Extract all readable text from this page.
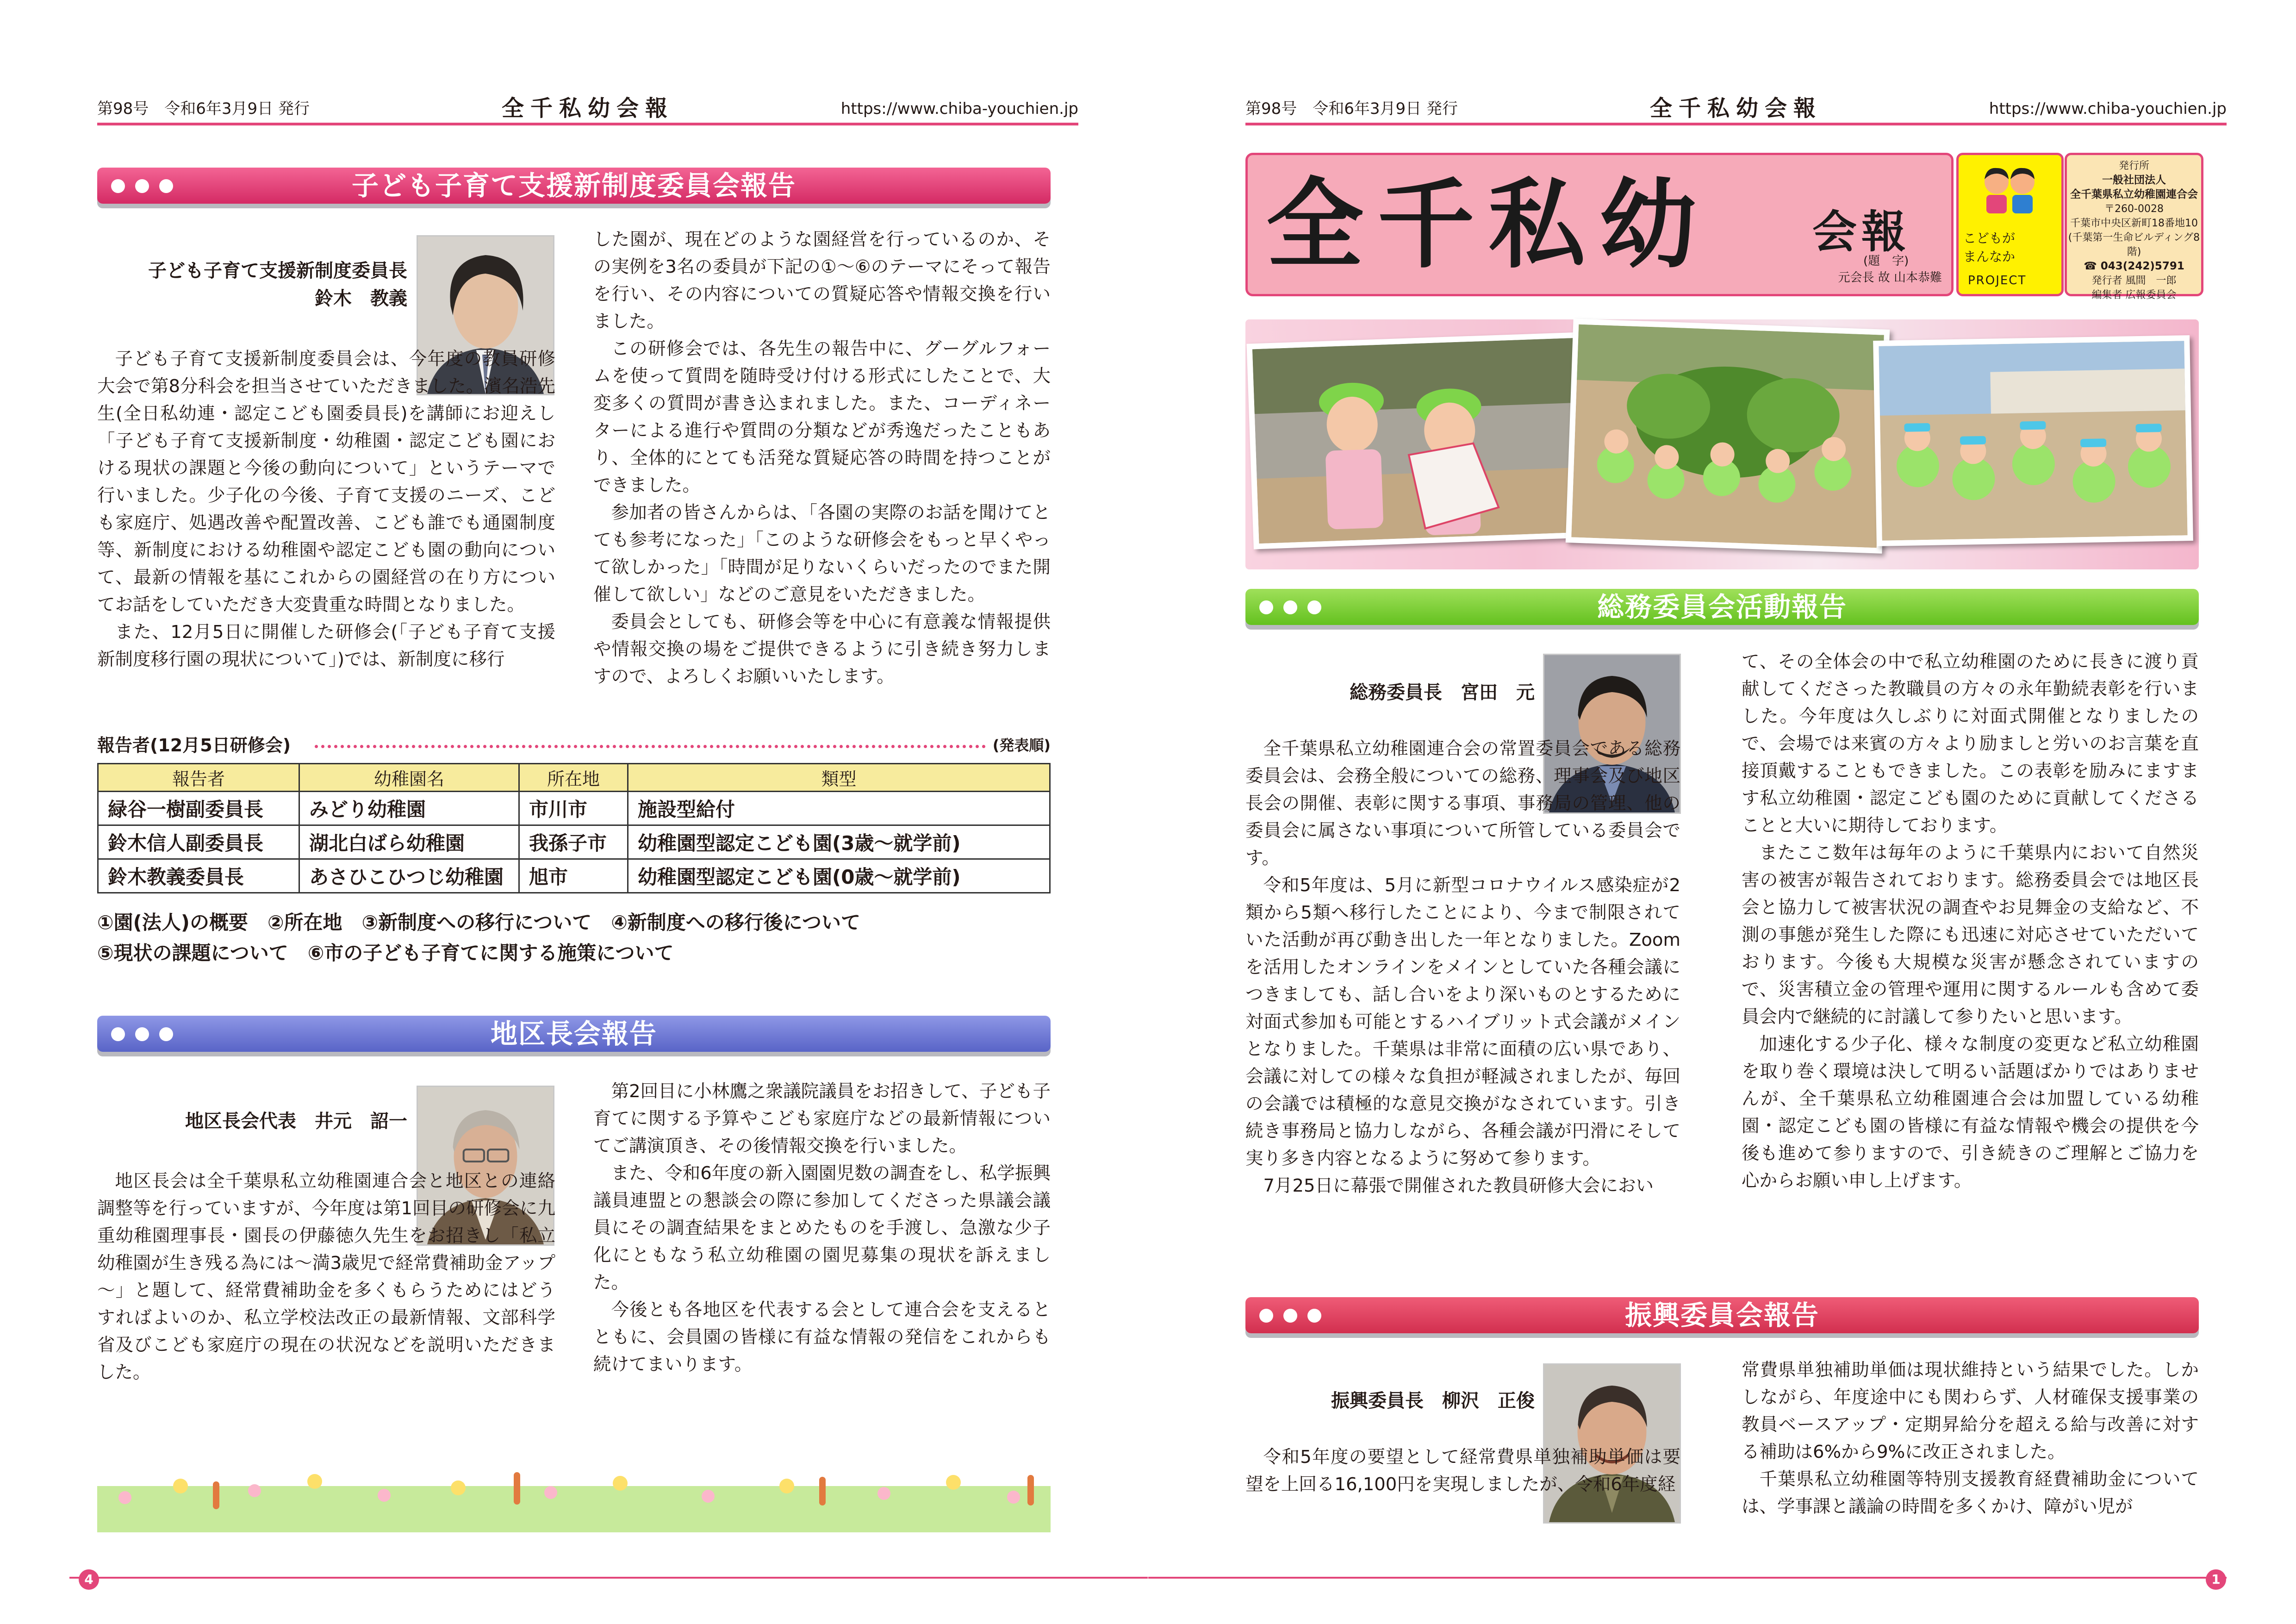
第98号　令和6年3月9日 発行	全千私幼会報	https://www.chiba-youchien.jp
子ども子育て支援新制度委員会報告
子ども子育て支援新制度委員長
鈴木　教義

子ども子育て支援新制度委員会は、今年度の教員研修大会で第8分科会を担当させていただきました。濱名浩先生(全日私幼連・認定こども園委員長)を講師にお迎えし「子ども子育て支援新制度・幼稚園・認定こども園における現状の課題と今後の動向について」というテーマで行いました。少子化の今後、子育て支援のニーズ、こども家庭庁、処遇改善や配置改善、こども誰でも通園制度等、新制度における幼稚園や認定こども園の動向について、最新の情報を基にこれからの園経営の在り方についてお話をしていただき大変貴重な時間となりました。

また、12月5日に開催した研修会(「子ども子育て支援新制度移行園の現状について」)では、新制度に移行

した園が、現在どのような園経営を行っているのか、その実例を3名の委員が下記の①～⑥のテーマにそって報告を行い、その内容についての質疑応答や情報交換を行いました。

この研修会では、各先生の報告中に、グーグルフォームを使って質問を随時受け付ける形式にしたことで、大変多くの質問が書き込まれました。また、コーディネーターによる進行や質問の分類などが秀逸だったこともあり、全体的にとても活発な質疑応答の時間を持つことができました。

参加者の皆さんからは、「各園の実際のお話を聞けてとても参考になった」「このような研修会をもっと早くやって欲しかった」「時間が足りないくらいだったのでまた開催して欲しい」などのご意見をいただきました。

委員会としても、研修会等を中心に有意義な情報提供や情報交換の場をご提供できるように引き続き努力しますので、よろしくお願いいたします。

報告者(12月5日研修会)	(発表順)
報告者	幼稚園名	所在地	類型
緑谷一樹副委員長	みどり幼稚園	市川市	施設型給付
鈴木信人副委員長	湖北白ばら幼稚園	我孫子市	幼稚園型認定こども園(3歳～就学前)
鈴木教義委員長	あさひこひつじ幼稚園	旭市	幼稚園型認定こども園(0歳～就学前)
①園(法人)の概要　②所在地　③新制度への移行について　④新制度への移行後について
⑤現状の課題について　⑥市の子ども子育てに関する施策について
地区長会報告
地区長会代表　井元　詔一

地区長会は全千葉県私立幼稚園連合会と地区との連絡調整等を行っていますが、今年度は第1回目の研修会に九重幼稚園理事長・園長の伊藤徳久先生をお招きし「私立幼稚園が生き残る為には～満3歳児で経常費補助金アップ～」と題して、経常費補助金を多くもらうためにはどうすればよいのか、私立学校法改正の最新情報、文部科学省及びこども家庭庁の現在の状況などを説明いただきました。

第2回目に小林鷹之衆議院議員をお招きして、子ども子育てに関する予算やこども家庭庁などの最新情報についてご講演頂き、その後情報交換を行いました。

また、令和6年度の新入園園児数の調査をし、私学振興議員連盟との懇談会の際に参加してくださった県議会議員にその調査結果をまとめたものを手渡し、急激な少子化にともなう私立幼稚園の園児募集の現状を訴えました。

今後とも各地区を代表する会として連合会を支えるとともに、会員園の皆様に有益な情報の発信をこれからも続けてまいります。

4
第98号　令和6年3月9日 発行	全千私幼会報	https://www.chiba-youchien.jp
全千私幼 会報
(題　字)
元会長 故 山本恭難
こどもが
まんなか
PROJECT
発行所
一般社団法人
全千葉県私立幼稚園連合会
〒260-0028
千葉市中央区新町18番地10
(千葉第一生命ビルディング8階)
☎ 043(242)5791
発行者 風間　一郎
編集者 広報委員会
総務委員会活動報告
総務委員長　宮田　元

全千葉県私立幼稚園連合会の常置委員会である総務委員会は、会務全般についての総務、理事会及び地区長会の開催、表彰に関する事項、事務局の管理、他の委員会に属さない事項について所管している委員会です。

令和5年度は、5月に新型コロナウイルス感染症が2類から5類へ移行したことにより、今まで制限されていた活動が再び動き出した一年となりました。Zoomを活用したオンラインをメインとしていた各種会議につきましても、話し合いをより深いものとするために対面式参加も可能とするハイブリット式会議がメインとなりました。千葉県は非常に面積の広い県であり、会議に対しての様々な負担が軽減されましたが、毎回の会議では積極的な意見交換がなされています。引き続き事務局と協力しながら、各種会議が円滑にそして実り多き内容となるように努めて参ります。

7月25日に幕張で開催された教員研修大会におい

て、その全体会の中で私立幼稚園のために長きに渡り貢献してくださった教職員の方々の永年勤続表彰を行いました。今年度は久しぶりに対面式開催となりましたので、会場では来賓の方々より励ましと労いのお言葉を直接頂戴することもできました。この表彰を励みにますます私立幼稚園・認定こども園のために貢献してくださることと大いに期待しております。

またここ数年は毎年のように千葉県内において自然災害の被害が報告されております。総務委員会では地区長会と協力して被害状況の調査やお見舞金の支給など、不測の事態が発生した際にも迅速に対応させていただいております。今後も大規模な災害が懸念されていますので、災害積立金の管理や運用に関するルールも含めて委員会内で継続的に討議して参りたいと思います。

加速化する少子化、様々な制度の変更など私立幼稚園を取り巻く環境は決して明るい話題ばかりではありませんが、全千葉県私立幼稚園連合会は加盟している幼稚園・認定こども園の皆様に有益な情報や機会の提供を今後も進めて参りますので、引き続きのご理解とご協力を心からお願い申し上げます。

振興委員会報告
振興委員長　柳沢　正俊

令和5年度の要望として経常費県単独補助単価は要望を上回る16,100円を実現しましたが、令和6年度経

常費県単独補助単価は現状維持という結果でした。しかしながら、年度途中にも関わらず、人材確保支援事業の教員ベースアップ・定期昇給分を超える給与改善に対する補助は6%から9%に改正されました。

千葉県私立幼稚園等特別支援教育経費補助金については、学事課と議論の時間を多くかけ、障がい児が

1
